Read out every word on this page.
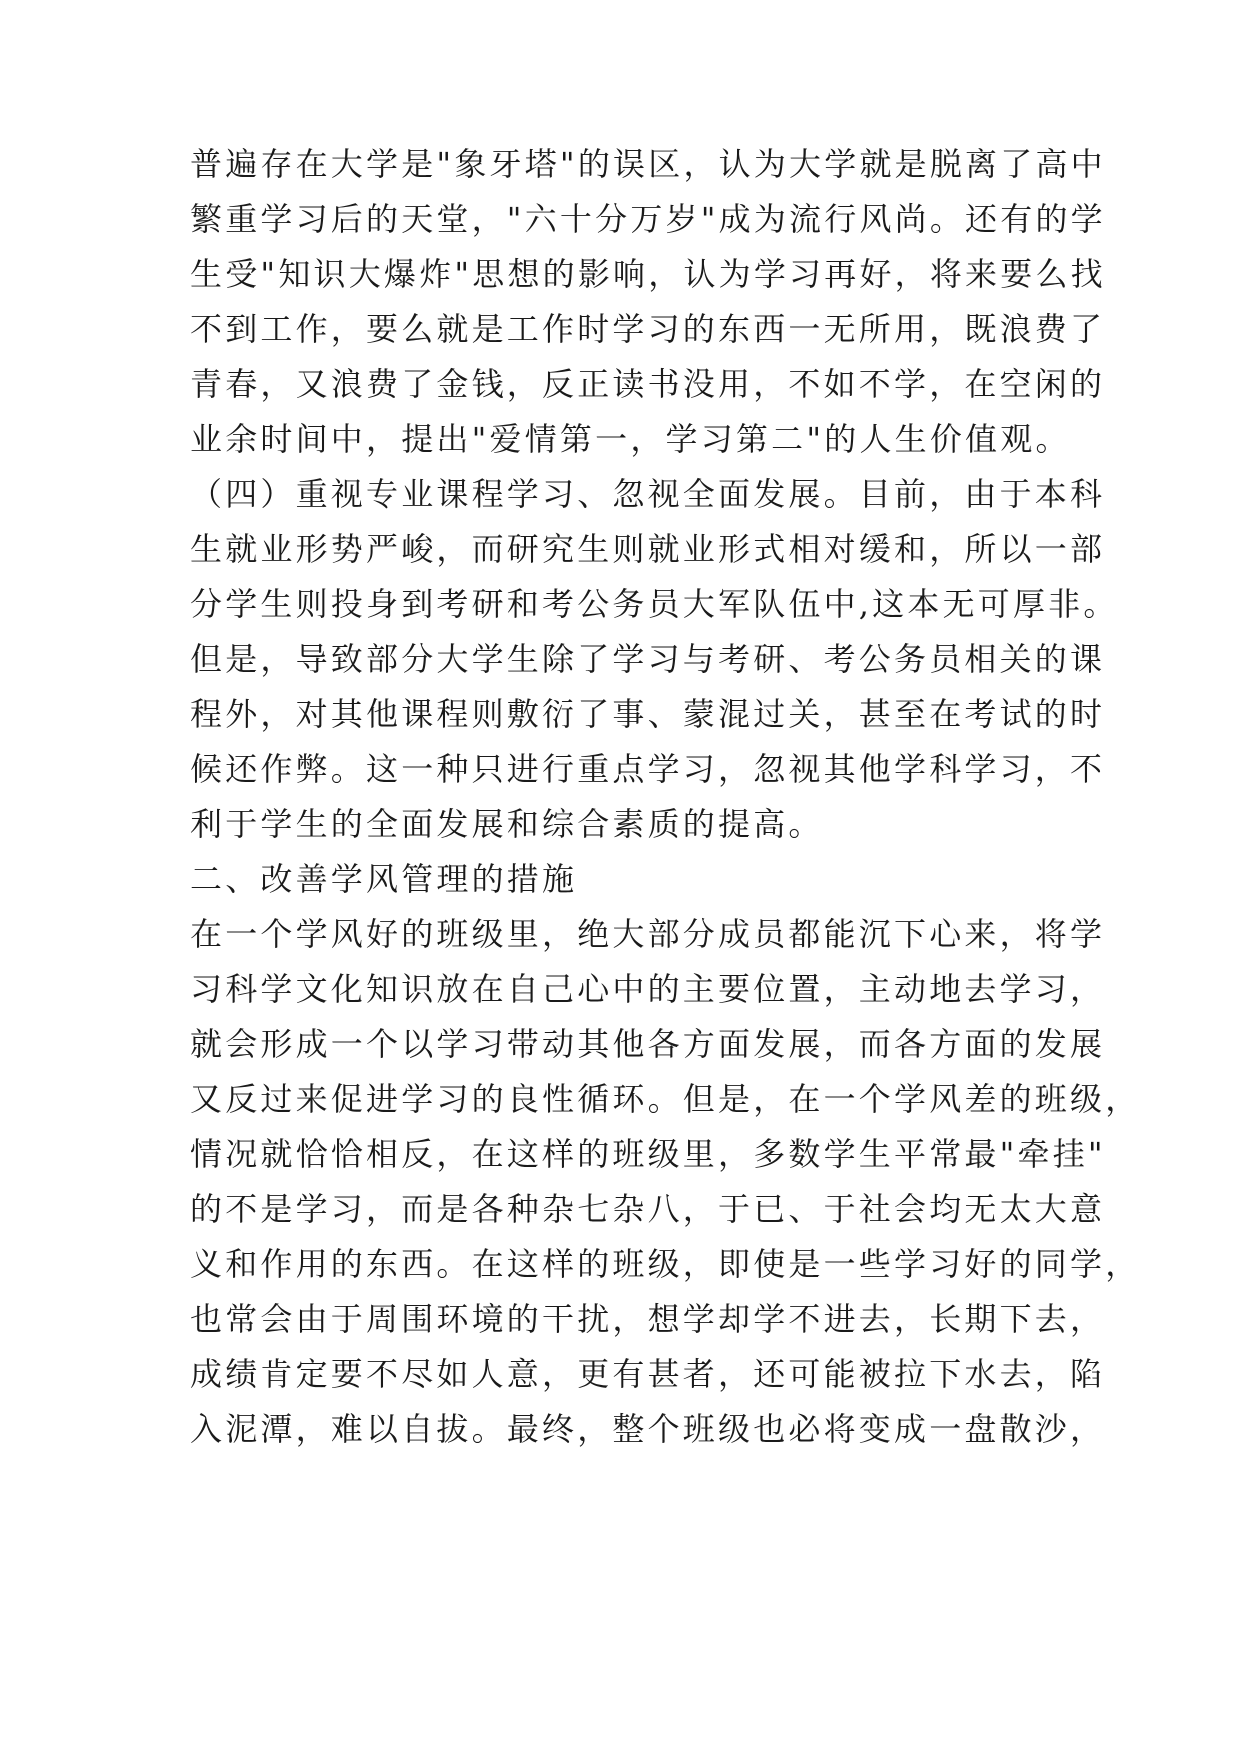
普遍存在大学是"象牙塔"的误区，认为大学就是脱离了高中
繁重学习后的天堂，"六十分万岁"成为流行风尚。还有的学
生受"知识大爆炸"思想的影响，认为学习再好，将来要么找
不到工作，要么就是工作时学习的东西一无所用，既浪费了
青春，又浪费了金钱，反正读书没用，不如不学，在空闲的
业余时间中，提出"爱情第一，学习第二"的人生价值观。
（四）重视专业课程学习、忽视全面发展。目前，由于本科
生就业形势严峻，而研究生则就业形式相对缓和，所以一部
分学生则投身到考研和考公务员大军队伍中,这本无可厚非。
但是，导致部分大学生除了学习与考研、考公务员相关的课
程外，对其他课程则敷衍了事、蒙混过关，甚至在考试的时
候还作弊。这一种只进行重点学习，忽视其他学科学习，不
利于学生的全面发展和综合素质的提高。
二、改善学风管理的措施
在一个学风好的班级里，绝大部分成员都能沉下心来，将学
习科学文化知识放在自己心中的主要位置，主动地去学习，
就会形成一个以学习带动其他各方面发展，而各方面的发展
又反过来促进学习的良性循环。但是，在一个学风差的班级，
情况就恰恰相反，在这样的班级里，多数学生平常最"牵挂"
的不是学习，而是各种杂七杂八，于已、于社会均无太大意
义和作用的东西。在这样的班级，即使是一些学习好的同学，
也常会由于周围环境的干扰，想学却学不进去，长期下去，
成绩肯定要不尽如人意，更有甚者，还可能被拉下水去，陷
入泥潭，难以自拔。最终，整个班级也必将变成一盘散沙，
